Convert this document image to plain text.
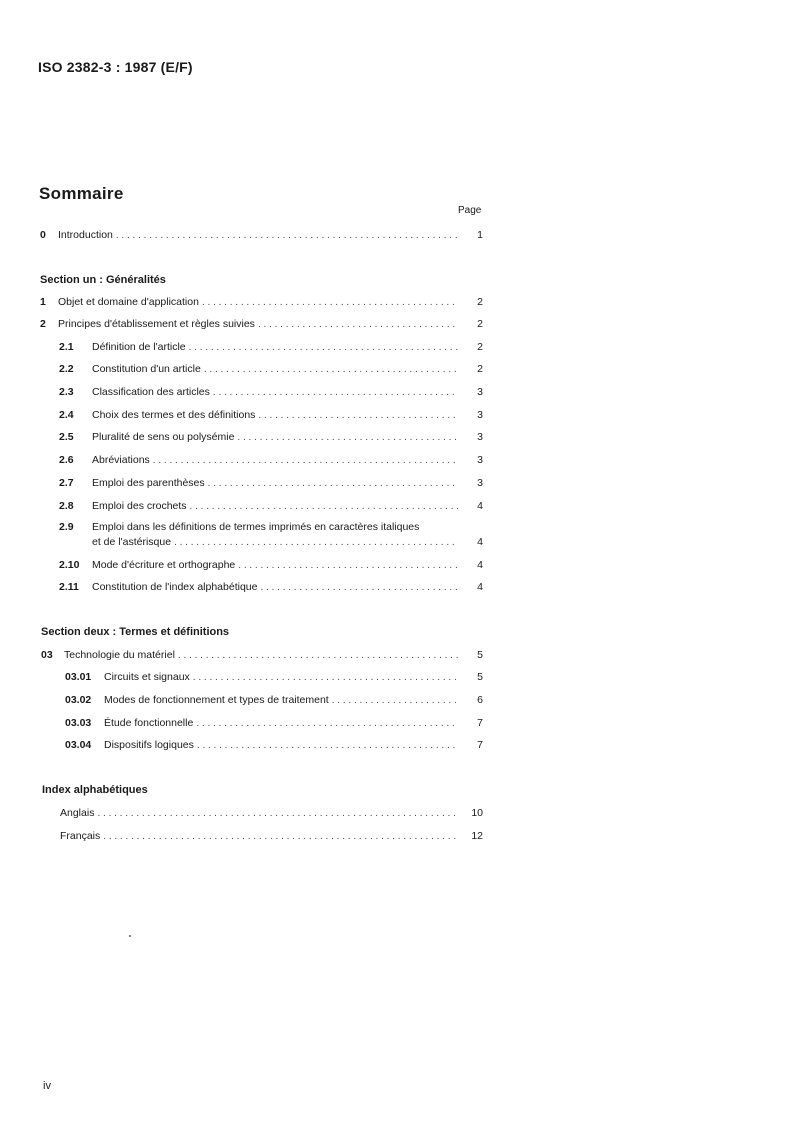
ISO 2382-3 : 1987 (E/F)
Sommaire
Page
0	Introduction . . .	1
Section un : Généralités
1	Objet et domaine d'application . . .	2
2	Principes d'établissement et règles suivies . . .	2
2.1	Définition de l'article . . .	2
2.2	Constitution d'un article . . .	2
2.3	Classification des articles . . .	3
2.4	Choix des termes et des définitions . . .	3
2.5	Pluralité de sens ou polysémie . . .	3
2.6	Abréviations . . .	3
2.7	Emploi des parenthèses . . .	3
2.8	Emploi des crochets . . .	4
2.9 Emploi dans les définitions de termes imprimés en caractères italiques
et de l'astérisque . . .	4
2.10	Mode d'écriture et orthographe . . .	4
2.11	Constitution de l'index alphabétique . . .	4
Section deux : Termes et définitions
03	Technologie du matériel . . .	5
03.01	Circuits et signaux . . .	5
03.02	Modes de fonctionnement et types de traitement . . .	6
03.03	Étude fonctionnelle . . .	7
03.04	Dispositifs logiques . . .	7
Index alphabétiques
Anglais . . .	10
Français . . .	12
iv
